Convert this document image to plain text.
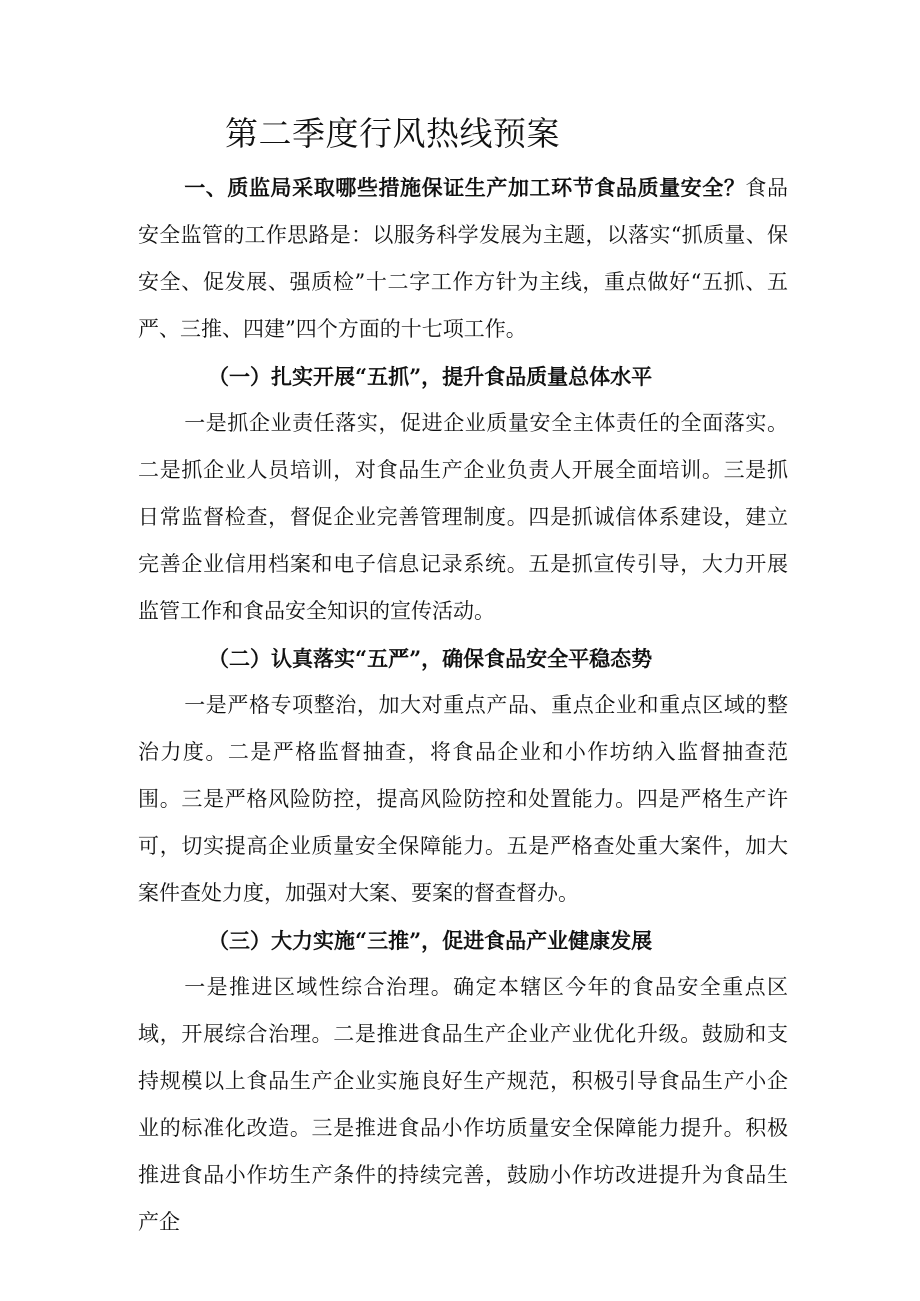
第二季度行风热线预案

一、质监局采取哪些措施保证生产加工环节食品质量安全？食品安全监管的工作思路是：以服务科学发展为主题，以落实“抓质量、保安全、促发展、强质检”十二字工作方针为主线，重点做好“五抓、五严、三推、四建”四个方面的十七项工作。

（一）扎实开展“五抓”，提升食品质量总体水平

一是抓企业责任落实，促进企业质量安全主体责任的全面落实。二是抓企业人员培训，对食品生产企业负责人开展全面培训。三是抓日常监督检查，督促企业完善管理制度。四是抓诚信体系建设，建立完善企业信用档案和电子信息记录系统。五是抓宣传引导，大力开展监管工作和食品安全知识的宣传活动。

（二）认真落实“五严”，确保食品安全平稳态势

一是严格专项整治，加大对重点产品、重点企业和重点区域的整治力度。二是严格监督抽查，将食品企业和小作坊纳入监督抽查范围。三是严格风险防控，提高风险防控和处置能力。四是严格生产许可，切实提高企业质量安全保障能力。五是严格查处重大案件，加大案件查处力度，加强对大案、要案的督查督办。

（三）大力实施“三推”，促进食品产业健康发展

一是推进区域性综合治理。确定本辖区今年的食品安全重点区域，开展综合治理。二是推进食品生产企业产业优化升级。鼓励和支持规模以上食品生产企业实施良好生产规范，积极引导食品生产小企业的标准化改造。三是推进食品小作坊质量安全保障能力提升。积极推进食品小作坊生产条件的持续完善，鼓励小作坊改进提升为食品生产企
